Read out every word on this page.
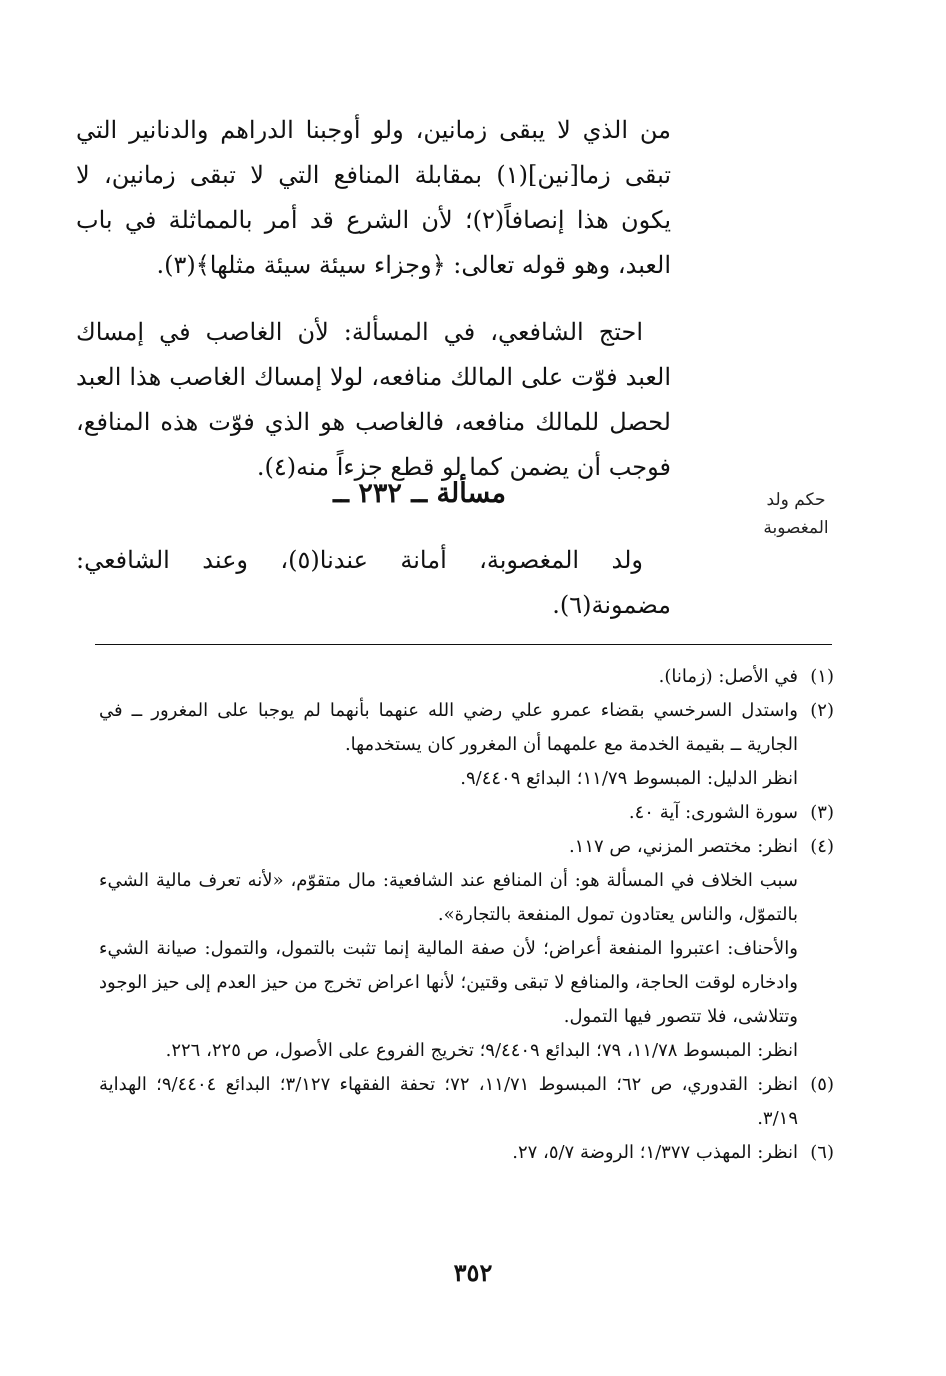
من الذي لا يبقى زمانين، ولو أوجبنا الدراهم والدنانير التي تبقى زما[نين](١) بمقابلة المنافع التي لا تبقى زمانين، لا يكون هذا إنصافاً(٢)؛ لأن الشرع قد أمر بالمماثلة في باب العبد، وهو قوله تعالى: ﴿وجزاء سيئة سيئة مثلها﴾(٣).

احتج الشافعي، في المسألة: لأن الغاصب في إمساك العبد فوّت على المالك منافعه، لولا إمساك الغاصب هذا العبد لحصل للمالك منافعه، فالغاصب هو الذي فوّت هذه المنافع، فوجب أن يضمن كما لو قطع جزءاً منه(٤).

مسألة ــ ٢٣٢ ــ	حكم ولد المغصوبة

ولد المغصوبة، أمانة عندنا(٥)، وعند الشافعي: مضمونة(٦).

(١)
في الأصل: (زمانا).
(٢)
واستدل السرخسي بقضاء عمرو علي رضي الله عنهما بأنهما لم يوجبا على المغرور ــ في الجارية ــ بقيمة الخدمة مع علمهما أن المغرور كان يستخدمها.

انظر الدليل: المبسوط ١١/٧٩؛ البدائع ٩/٤٤٠٩.

(٣)
سورة الشورى: آية ٤٠.
(٤)
انظر: مختصر المزني، ص ١١٧.

سبب الخلاف في المسألة هو: أن المنافع عند الشافعية: مال متقوّم، «لأنه تعرف مالية الشيء بالتموّل، والناس يعتادون تمول المنفعة بالتجارة».

والأحناف: اعتبروا المنفعة أعراض؛ لأن صفة المالية إنما تثبت بالتمول، والتمول: صيانة الشيء وادخاره لوقت الحاجة، والمنافع لا تبقى وقتين؛ لأنها اعراض تخرج من حيز العدم إلى حيز الوجود وتتلاشى، فلا تتصور فيها التمول.

انظر: المبسوط ١١/٧٨، ٧٩؛ البدائع ٩/٤٤٠٩؛ تخريج الفروع على الأصول، ص ٢٢٥، ٢٢٦.

(٥)
انظر: القدوري، ص ٦٢؛ المبسوط ١١/٧١، ٧٢؛ تحفة الفقهاء ٣/١٢٧؛ البدائع ٩/٤٤٠٤؛ الهداية ٣/١٩.
(٦)
انظر: المهذب ١/٣٧٧؛ الروضة ٥/٧، ٢٧.
٣٥٢
